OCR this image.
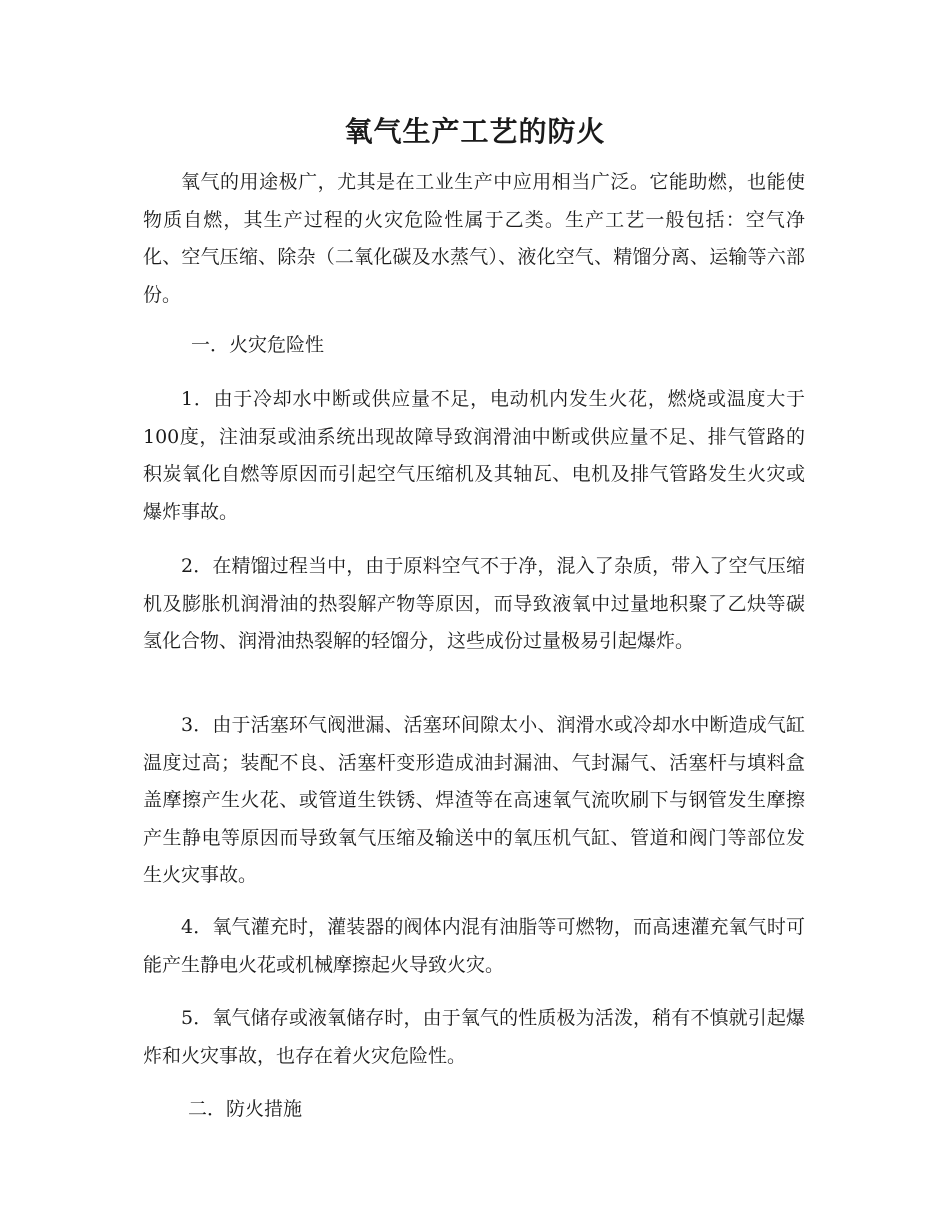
氧气生产工艺的防火

氧气的用途极广，尤其是在工业生产中应用相当广泛。它能助燃，也能使物质自燃，其生产过程的火灾危险性属于乙类。生产工艺一般包括：空气净化、空气压缩、除杂（二氧化碳及水蒸气）、液化空气、精馏分离、运输等六部份。

一．火灾危险性

1．由于冷却水中断或供应量不足，电动机内发生火花，燃烧或温度大于100度，注油泵或油系统出现故障导致润滑油中断或供应量不足、排气管路的积炭氧化自燃等原因而引起空气压缩机及其轴瓦、电机及排气管路发生火灾或爆炸事故。

2．在精馏过程当中，由于原料空气不于净，混入了杂质，带入了空气压缩机及膨胀机润滑油的热裂解产物等原因，而导致液氧中过量地积聚了乙炔等碳氢化合物、润滑油热裂解的轻馏分，这些成份过量极易引起爆炸。

3．由于活塞环气阀泄漏、活塞环间隙太小、润滑水或冷却水中断造成气缸温度过高；装配不良、活塞杆变形造成油封漏油、气封漏气、活塞杆与填料盒盖摩擦产生火花、或管道生铁锈、焊渣等在高速氧气流吹刷下与钢管发生摩擦产生静电等原因而导致氧气压缩及输送中的氧压机气缸、管道和阀门等部位发生火灾事故。

4．氧气灌充时，灌装器的阀体内混有油脂等可燃物，而高速灌充氧气时可能产生静电火花或机械摩擦起火导致火灾。

5．氧气储存或液氧储存时，由于氧气的性质极为活泼，稍有不慎就引起爆炸和火灾事故，也存在着火灾危险性。

二．防火措施
